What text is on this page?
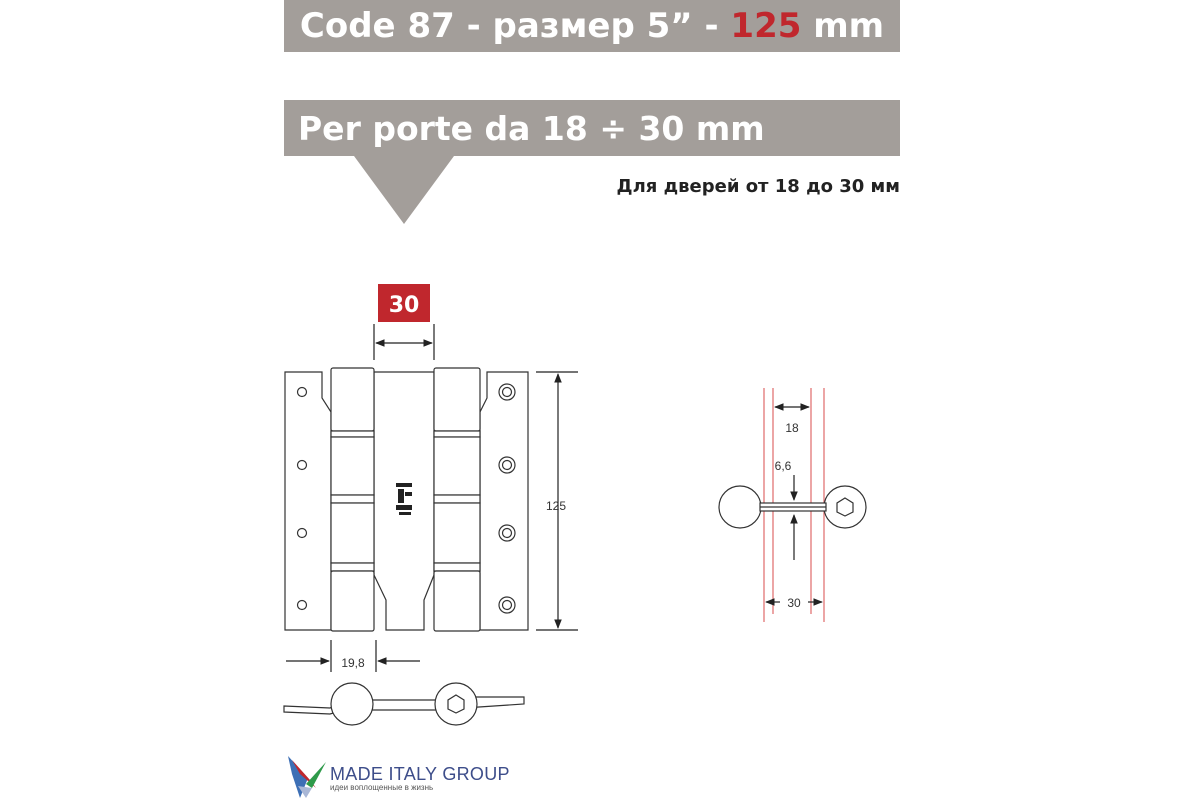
Code 87 - размер 5” - 125 mm
Per porte da 18 ÷ 30 mm
Для дверей от 18 до 30 мм
30
125
19,8
18
6,6
30
MADE ITALY GROUP
идеи воплощенные в жизнь
